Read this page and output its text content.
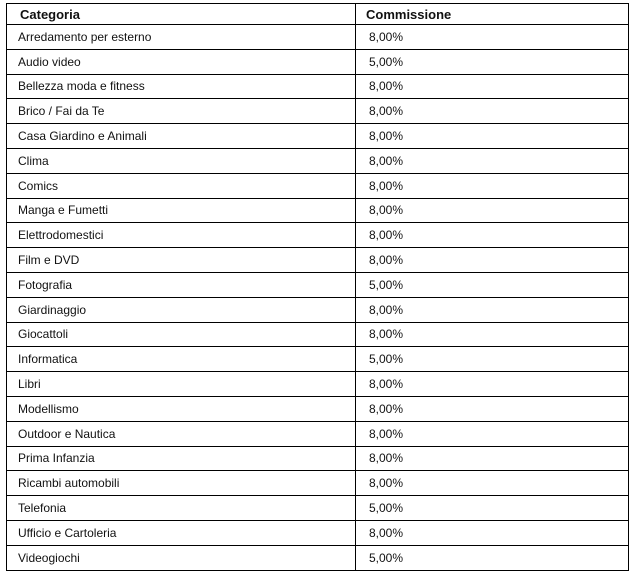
Categoria	Commissione
Arredamento per esterno	8,00%
Audio video	5,00%
Bellezza moda e fitness	8,00%
Brico / Fai da Te	8,00%
Casa Giardino e Animali	8,00%
Clima	8,00%
Comics	8,00%
Manga e Fumetti	8,00%
Elettrodomestici	8,00%
Film e DVD	8,00%
Fotografia	5,00%
Giardinaggio	8,00%
Giocattoli	8,00%
Informatica	5,00%
Libri	8,00%
Modellismo	8,00%
Outdoor e Nautica	8,00%
Prima Infanzia	8,00%
Ricambi automobili	8,00%
Telefonia	5,00%
Ufficio e Cartoleria	8,00%
Videogiochi	5,00%
